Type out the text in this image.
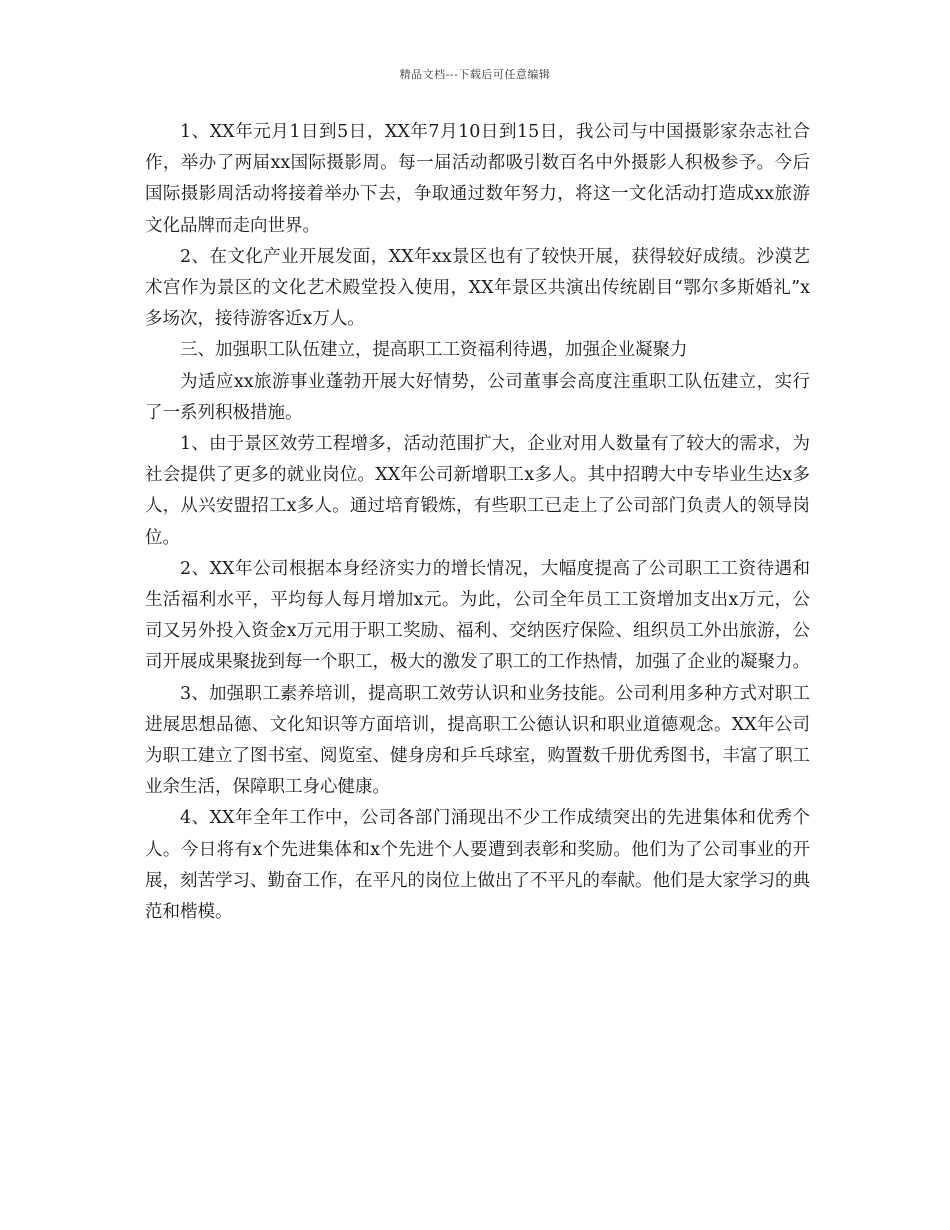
精品文档---下载后可任意编辑

1、XX年元月1日到5日，XX年7月10日到15日，我公司与中国摄影家杂志社合作，举办了两届xx国际摄影周。每一届活动都吸引数百名中外摄影人积极参予。今后国际摄影周活动将接着举办下去，争取通过数年努力，将这一文化活动打造成xx旅游文化品牌而走向世界。

2、在文化产业开展发面，XX年xx景区也有了较快开展，获得较好成绩。沙漠艺术宫作为景区的文化艺术殿堂投入使用，XX年景区共演出传统剧目“鄂尔多斯婚礼”x多场次，接待游客近x万人。

三、加强职工队伍建立，提高职工工资福利待遇，加强企业凝聚力

为适应xx旅游事业蓬勃开展大好情势，公司董事会高度注重职工队伍建立，实行了一系列积极措施。

1、由于景区效劳工程增多，活动范围扩大，企业对用人数量有了较大的需求，为社会提供了更多的就业岗位。XX年公司新增职工x多人。其中招聘大中专毕业生达x多人，从兴安盟招工x多人。通过培育锻炼，有些职工已走上了公司部门负责人的领导岗位。

2、XX年公司根据本身经济实力的增长情况，大幅度提高了公司职工工资待遇和生活福利水平，平均每人每月增加x元。为此，公司全年员工工资增加支出x万元，公司又另外投入资金x万元用于职工奖励、福利、交纳医疗保险、组织员工外出旅游，公司开展成果聚拢到每一个职工，极大的激发了职工的工作热情，加强了企业的凝聚力。

3、加强职工素养培训，提高职工效劳认识和业务技能。公司利用多种方式对职工进展思想品德、文化知识等方面培训，提高职工公德认识和职业道德观念。XX年公司为职工建立了图书室、阅览室、健身房和乒乓球室，购置数千册优秀图书，丰富了职工业余生活，保障职工身心健康。

4、XX年全年工作中，公司各部门涌现出不少工作成绩突出的先进集体和优秀个人。今日将有x个先进集体和x个先进个人要遭到表彰和奖励。他们为了公司事业的开展，刻苦学习、勤奋工作，在平凡的岗位上做出了不平凡的奉献。他们是大家学习的典范和楷模。
